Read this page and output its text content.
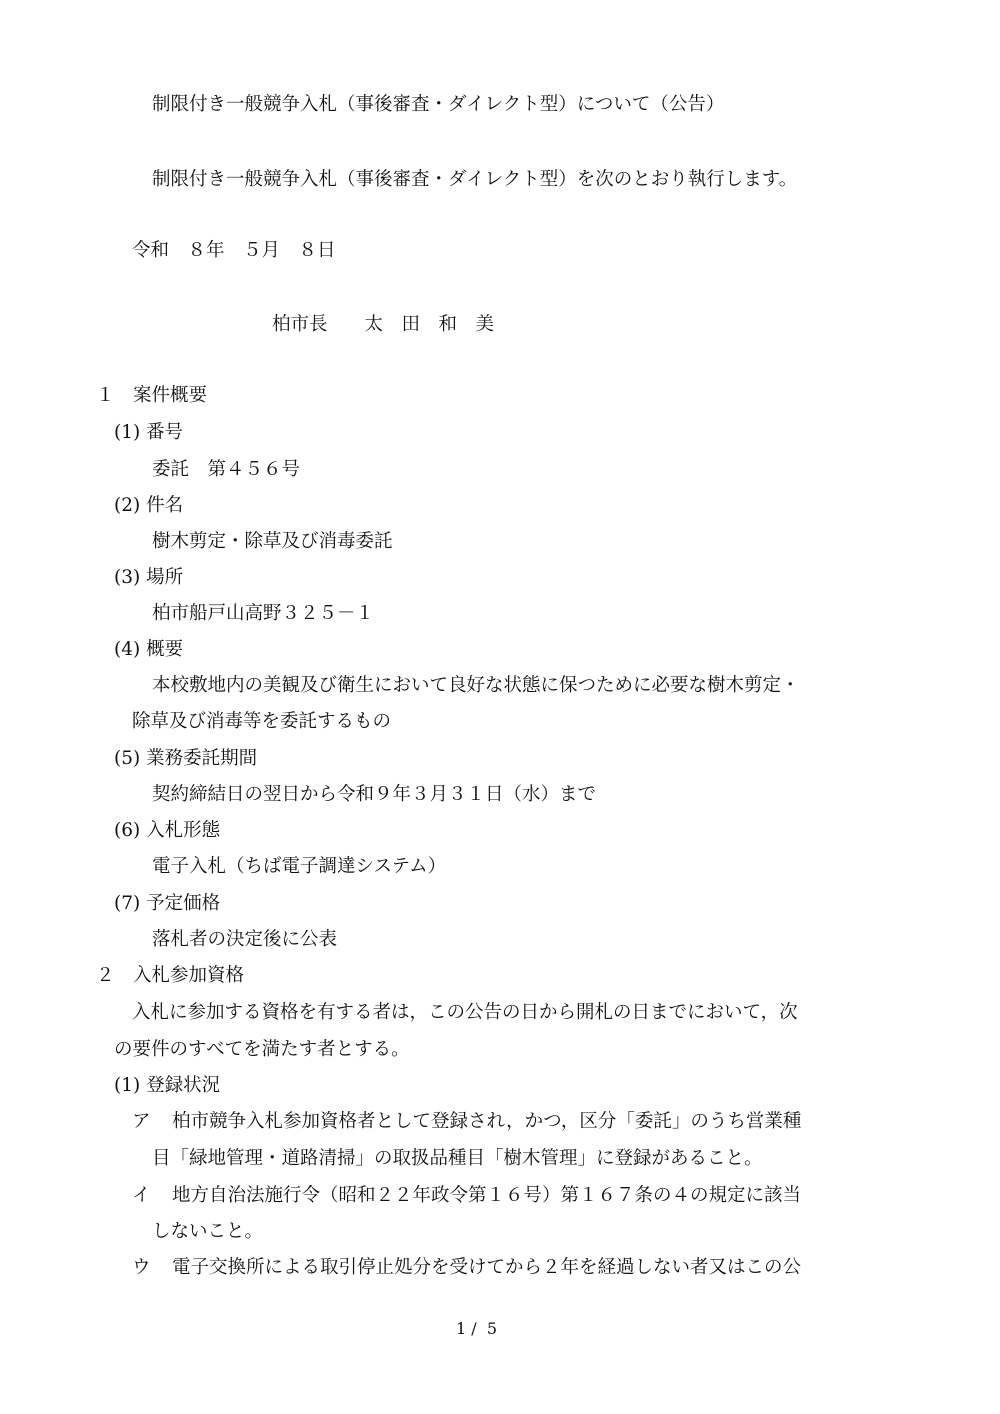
制限付き一般競争入札（事後審査・ダイレクト型）について（公告）
制限付き一般競争入札（事後審査・ダイレクト型）を次のとおり執行します。
令和　８年　５月　８日
柏市長　　太　田　和　美
１　案件概要
(1) 番号
委託　第４５６号
(2) 件名
樹木剪定・除草及び消毒委託
(3) 場所
柏市船戸山高野３２５－１
(4) 概要
本校敷地内の美観及び衛生において良好な状態に保つために必要な樹木剪定・
除草及び消毒等を委託するもの
(5) 業務委託期間
契約締結日の翌日から令和９年３月３１日（水）まで
(6) 入札形態
電子入札（ちば電子調達システム）
(7) 予定価格
落札者の決定後に公表
２　入札参加資格
入札に参加する資格を有する者は，この公告の日から開札の日までにおいて，次
の要件のすべてを満たす者とする。
(1) 登録状況
ア 柏市競争入札参加資格者として登録され，かつ，区分「委託」のうち営業種
目「緑地管理・道路清掃」の取扱品種目「樹木管理」に登録があること。
イ 地方自治法施行令（昭和２２年政令第１６号）第１６７条の４の規定に該当
しないこと。
ウ 電子交換所による取引停止処分を受けてから２年を経過しない者又はこの公
1 /  5
